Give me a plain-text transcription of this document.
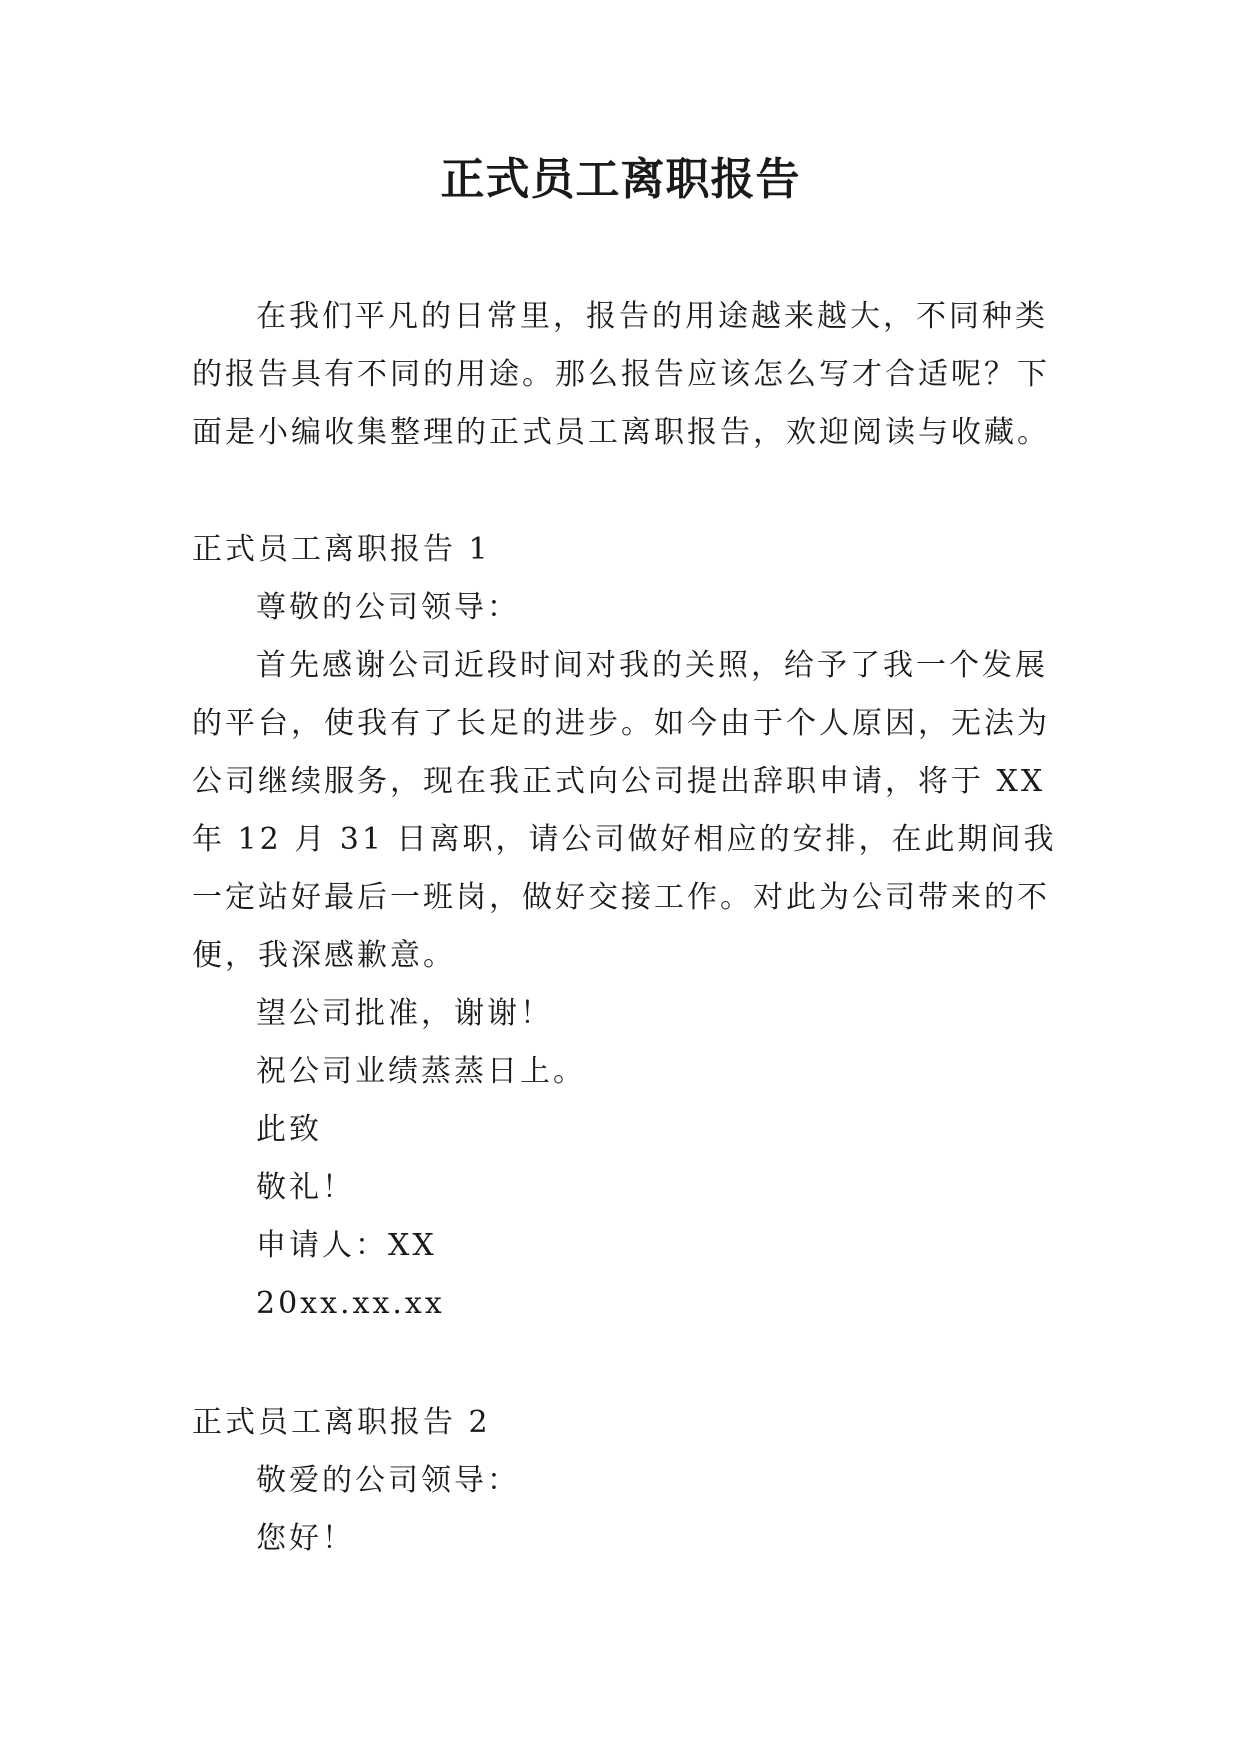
正式员工离职报告

在我们平凡的日常里，报告的用途越来越大，不同种类的报告具有不同的用途。那么报告应该怎么写才合适呢？下面是小编收集整理的正式员工离职报告，欢迎阅读与收藏。

正式员工离职报告 1

尊敬的公司领导：

首先感谢公司近段时间对我的关照，给予了我一个发展的平台，使我有了长足的进步。如今由于个人原因，无法为公司继续服务，现在我正式向公司提出辞职申请，将于 XX 年 12 月 31 日离职，请公司做好相应的安排，在此期间我一定站好最后一班岗，做好交接工作。对此为公司带来的不便，我深感歉意。

望公司批准，谢谢！

祝公司业绩蒸蒸日上。

此致

敬礼！

申请人：XX

20xx.xx.xx

正式员工离职报告 2

敬爱的公司领导：

您好！
